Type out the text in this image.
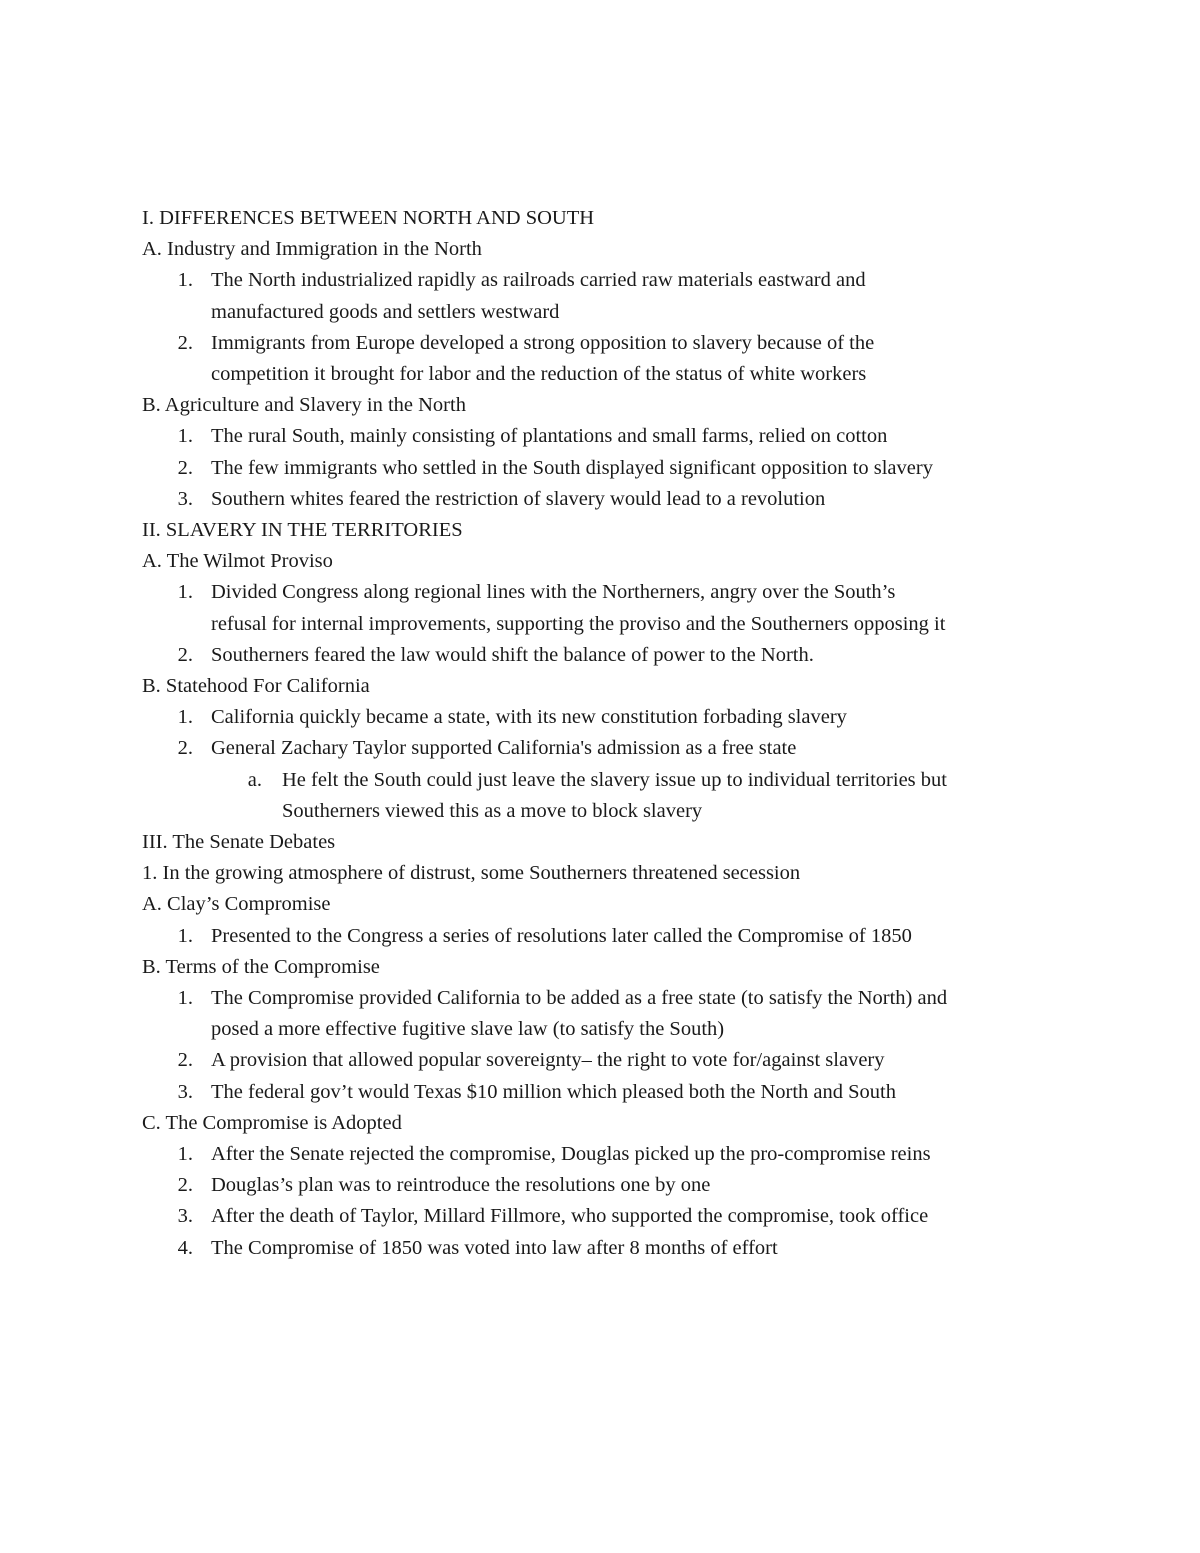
I. DIFFERENCES BETWEEN NORTH AND SOUTH
A. Industry and Immigration in the North
1. The North industrialized rapidly as railroads carried raw materials eastward and
manufactured goods and settlers westward
2. Immigrants from Europe developed a strong opposition to slavery because of the
competition it brought for labor and the reduction of the status of white workers
B. Agriculture and Slavery in the North
1. The rural South, mainly consisting of plantations and small farms, relied on cotton
2. The few immigrants who settled in the South displayed significant opposition to slavery
3. Southern whites feared the restriction of slavery would lead to a revolution
II. SLAVERY IN THE TERRITORIES
A. The Wilmot Proviso
1. Divided Congress along regional lines with the Northerners, angry over the South’s
refusal for internal improvements, supporting the proviso and the Southerners opposing it
2. Southerners feared the law would shift the balance of power to the North.
B. Statehood For California
1. California quickly became a state, with its new constitution forbading slavery
2. General Zachary Taylor supported California's admission as a free state
a. He felt the South could just leave the slavery issue up to individual territories but
Southerners viewed this as a move to block slavery
III. The Senate Debates
1. In the growing atmosphere of distrust, some Southerners threatened secession
A. Clay’s Compromise
1. Presented to the Congress a series of resolutions later called the Compromise of 1850
B. Terms of the Compromise
1. The Compromise provided California to be added as a free state (to satisfy the North) and
posed a more effective fugitive slave law (to satisfy the South)
2. A provision that allowed popular sovereignty– the right to vote for/against slavery
3. The federal gov’t would Texas $10 million which pleased both the North and South
C. The Compromise is Adopted
1. After the Senate rejected the compromise, Douglas picked up the pro-compromise reins
2. Douglas’s plan was to reintroduce the resolutions one by one
3. After the death of Taylor, Millard Fillmore, who supported the compromise, took office
4. The Compromise of 1850 was voted into law after 8 months of effort
